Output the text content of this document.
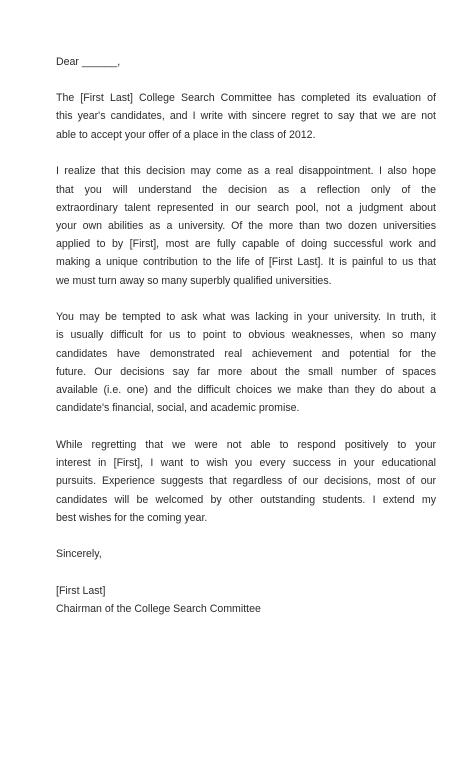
Dear ______,
The [First Last] College Search Committee has completed its evaluation of
this year's candidates, and I write with sincere regret to say that we are not
able to accept your offer of a place in the class of 2012.
I realize that this decision may come as a real disappointment. I also hope
that you will understand the decision as a reflection only of the
extraordinary talent represented in our search pool, not a judgment about
your own abilities as a university. Of the more than two dozen universities
applied to by [First], most are fully capable of doing successful work and
making a unique contribution to the life of [First Last]. It is painful to us that
we must turn away so many superbly qualified universities.
You may be tempted to ask what was lacking in your university. In truth, it
is usually difficult for us to point to obvious weaknesses, when so many
candidates have demonstrated real achievement and potential for the
future. Our decisions say far more about the small number of spaces
available (i.e. one) and the difficult choices we make than they do about a
candidate's financial, social, and academic promise.
While regretting that we were not able to respond positively to your
interest in [First], I want to wish you every success in your educational
pursuits. Experience suggests that regardless of our decisions, most of our
candidates will be welcomed by other outstanding students. I extend my
best wishes for the coming year.
Sincerely,
[First Last]
Chairman of the College Search Committee
